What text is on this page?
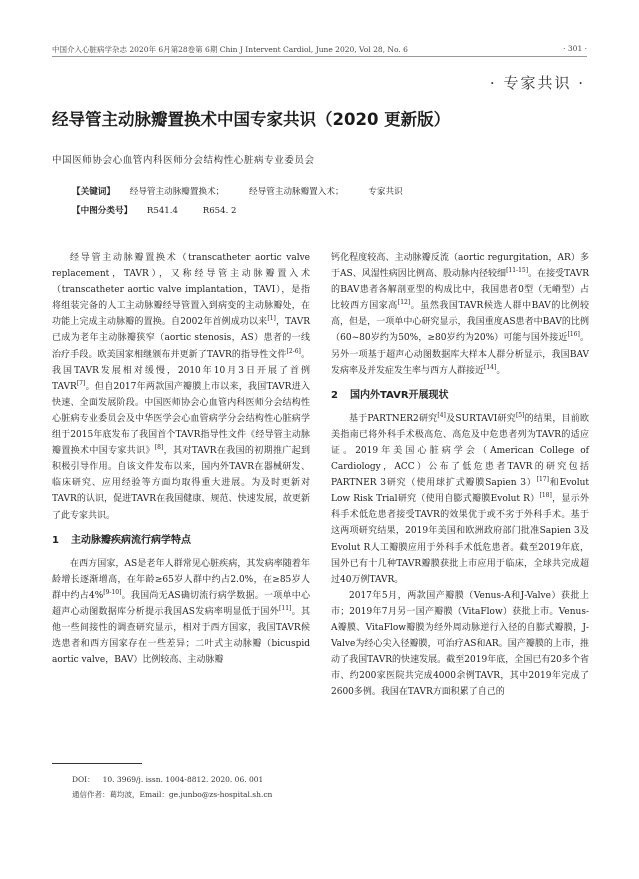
中国介入心脏病学杂志 2020年 6月第28卷第 6期 Chin J Intervent Cardiol, June 2020, Vol 28, No. 6	· 301 ·
· 专家共识 ·
经导管主动脉瓣置换术中国专家共识（2020 更新版）
中国医师协会心血管内科医师分会结构性心脏病专业委员会
【关键词】 经导管主动脉瓣置换术；	经导管主动脉瓣置入术；	专家共识
【中图分类号】 R541.4	R654. 2

经导管主动脉瓣置换术（transcatheter aortic valve replacement，TAVR），又称经导管主动脉瓣置入术（transcatheter aortic valve implantation，TAVI），是指将组装完备的人工主动脉瓣经导管置入到病变的主动脉瓣处，在功能上完成主动脉瓣的置换。自2002年首例成功以来[1]，TAVR已成为老年主动脉瓣狭窄（aortic stenosis，AS）患者的一线治疗手段。欧美国家相继颁布并更新了TAVR的指导性文件[2-6]。我国TAVR发展相对缓慢，2010年10月3日开展了首例TAVR[7]。但自2017年两款国产瓣膜上市以来，我国TAVR进入快速、全面发展阶段。中国医师协会心血管内科医师分会结构性心脏病专业委员会及中华医学会心血管病学分会结构性心脏病学组于2015年底发布了我国首个TAVR指导性文件《经导管主动脉瓣置换术中国专家共识》[8]，其对TAVR在我国的初期推广起到积极引导作用。自该文件发布以来，国内外TAVR在器械研发、临床研究、应用经验等方面均取得重大进展。为及时更新对TAVR的认识，促进TAVR在我国健康、规范、快速发展，故更新了此专家共识。

1 主动脉瓣疾病流行病学特点

在西方国家，AS是老年人群常见心脏疾病，其发病率随着年龄增长逐渐增高，在年龄≥65岁人群中约占2.0%，在≥85岁人群中约占4%[9-10]。我国尚无AS确切流行病学数据。一项单中心超声心动图数据库分析提示我国AS发病率明显低于国外[11]。其他一些间接性的调查研究显示，相对于西方国家，我国TAVR候选患者和西方国家存在一些差异；二叶式主动脉瓣（bicuspid aortic valve，BAV）比例较高、主动脉瓣

钙化程度较高、主动脉瓣反流（aortic regurgitation，AR）多于AS、风湿性病因比例高、股动脉内径较细[11-15]。在接受TAVR的BAV患者各解剖亚型的构成比中，我国患者0型（无嵴型）占比较西方国家高[12]。虽然我国TAVR候选人群中BAV的比例较高，但是，一项单中心研究显示，我国重度AS患者中BAV的比例（60~80岁约为50%，≥80岁约为20%）可能与国外接近[16]。另外一项基于超声心动图数据库大样本人群分析显示，我国BAV发病率及并发症发生率与西方人群接近[14]。

2 国内外TAVR开展现状

基于PARTNER2研究[4]及SURTAVI研究[5]的结果，目前欧美指南已将外科手术极高危、高危及中危患者列为TAVR的适应证。2019年美国心脏病学会（American College of Cardiology，ACC）公布了低危患者TAVR的研究包括PARTNER 3研究（使用球扩式瓣膜Sapien 3）[17]和Evolut Low Risk Trial研究（使用自膨式瓣膜Evolut R）[18]，显示外科手术低危患者接受TAVR的效果优于或不劣于外科手术。基于这两项研究结果，2019年美国和欧洲政府部门批准Sapien 3及Evolut R人工瓣膜应用于外科手术低危患者。截至2019年底，国外已有十几种TAVR瓣膜获批上市应用于临床，全球共完成超过40万例TAVR。

2017年5月，两款国产瓣膜（Venus-A和J-Valve）获批上市；2019年7月另一国产瓣膜（VitaFlow）获批上市。Venus-A瓣膜、VitaFlow瓣膜为经外周动脉逆行入径的自膨式瓣膜，J-Valve为经心尖入径瓣膜，可治疗AS和AR。国产瓣膜的上市，推动了我国TAVR的快速发展。截至2019年底，全国已有20多个省市、约200家医院共完成4000余例TAVR，其中2019年完成了2600多例。我国在TAVR方面积累了自己的

DOI： 10. 3969/j. issn. 1004-8812. 2020. 06. 001
通信作者：葛均波，Email：ge.junbo@zs-hospital.sh.cn
